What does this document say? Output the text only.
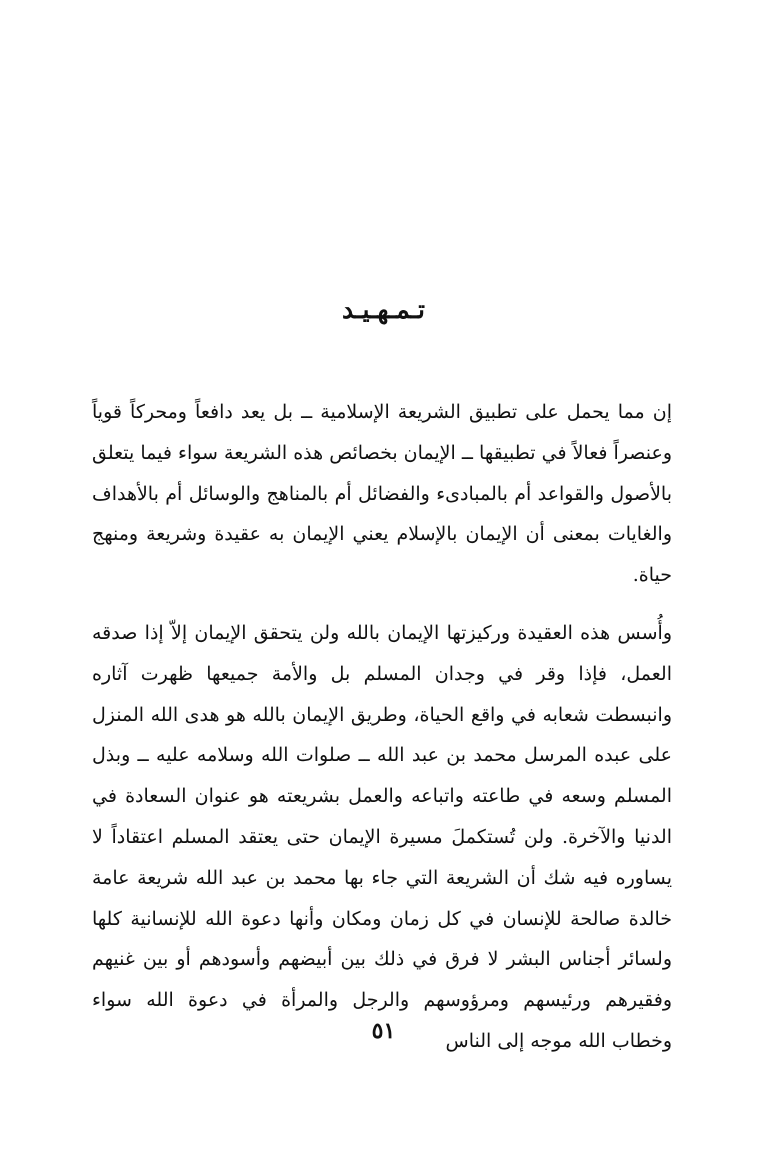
تـمـهـيـد

إن مما يحمل على تطبيق الشريعة الإسلامية ــ بل يعد دافعاً ومحركاً قوياً وعنصراً فعالاً في تطبيقها ــ الإيمان بخصائص هذه الشريعة سواء فيما يتعلق بالأصول والقواعد أم بالمبادىء والفضائل أم بالمناهج والوسائل أم بالأهداف والغايات بمعنى أن الإيمان بالإسلام يعني الإيمان به عقيدة وشريعة ومنهج حياة.

وأُسس هذه العقيدة وركيزتها الإيمان بالله ولن يتحقق الإيمان إلاّ إذا صدقه العمل، فإذا وقر في وجدان المسلم بل والأمة جميعها ظهرت آثاره وانبسطت شعابه في واقع الحياة، وطريق الإيمان بالله هو هدى الله المنزل على عبده المرسل محمد بن عبد الله ــ صلوات الله وسلامه عليه ــ وبذل المسلم وسعه في طاعته واتباعه والعمل بشريعته هو عنوان السعادة في الدنيا والآخرة. ولن تُستكملَ مسيرة الإيمان حتى يعتقد المسلم اعتقاداً لا يساوره فيه شك أن الشريعة التي جاء بها محمد بن عبد الله شريعة عامة خالدة صالحة للإنسان في كل زمان ومكان وأنها دعوة الله للإنسانية كلها ولسائر أجناس البشر لا فرق في ذلك بين أبيضهم وأسودهم أو بين غنيهم وفقيرهم ورئيسهم ومرؤوسهم والرجل والمرأة في دعوة الله سواء وخطاب الله موجه إلى الناس

٥١
